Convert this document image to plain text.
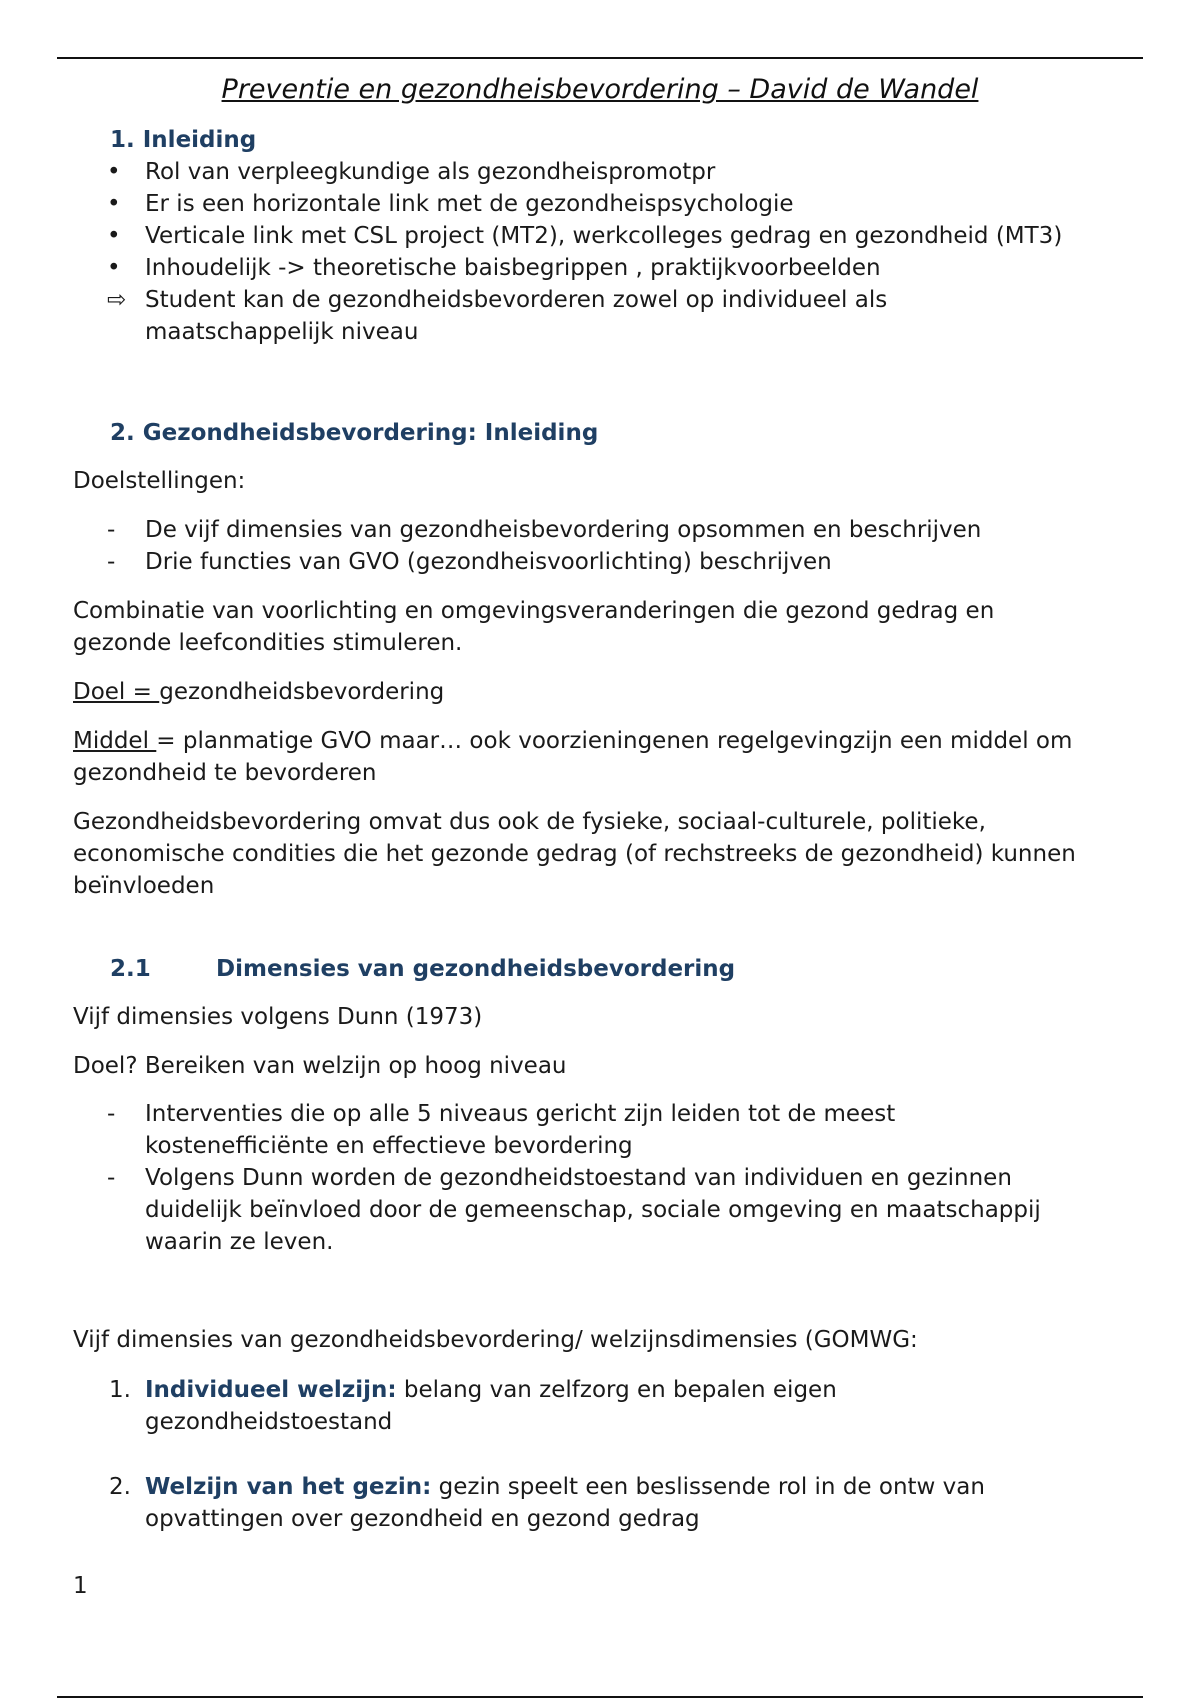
Preventie en gezondheisbevordering – David de Wandel
1. Inleiding
• Rol van verpleegkundige als gezondheispromotpr
• Er is een horizontale link met de gezondheispsychologie
• Verticale link met CSL project (MT2), werkcolleges gedrag en gezondheid (MT3)
• Inhoudelijk -> theoretische baisbegrippen , praktijkvoorbeelden
⇨ Student kan de gezondheidsbevorderen zowel op individueel als
maatschappelijk niveau
2. Gezondheidsbevordering: Inleiding
Doelstellingen:
- De vijf dimensies van gezondheisbevordering opsommen en beschrijven
- Drie functies van GVO (gezondheisvoorlichting) beschrijven
Combinatie van voorlichting en omgevingsveranderingen die gezond gedrag en
gezonde leefcondities stimuleren.
Doel = gezondheidsbevordering
Middel = planmatige GVO maar… ook voorzieningenen regelgevingzijn een middel om
gezondheid te bevorderen
Gezondheidsbevordering omvat dus ook de fysieke, sociaal-culturele, politieke,
economische condities die het gezonde gedrag (of rechstreeks de gezondheid) kunnen
beïnvloeden
2.1	Dimensies van gezondheidsbevordering
Vijf dimensies volgens Dunn (1973)
Doel? Bereiken van welzijn op hoog niveau
- Interventies die op alle 5 niveaus gericht zijn leiden tot de meest
kostenefficiënte en effectieve bevordering
- Volgens Dunn worden de gezondheidstoestand van individuen en gezinnen
duidelijk beïnvloed door de gemeenschap, sociale omgeving en maatschappij
waarin ze leven.
Vijf dimensies van gezondheidsbevordering/ welzijnsdimensies (GOMWG:
1. Individueel welzijn: belang van zelfzorg en bepalen eigen
gezondheidstoestand
2. Welzijn van het gezin: gezin speelt een beslissende rol in de ontw van
opvattingen over gezondheid en gezond gedrag
1
